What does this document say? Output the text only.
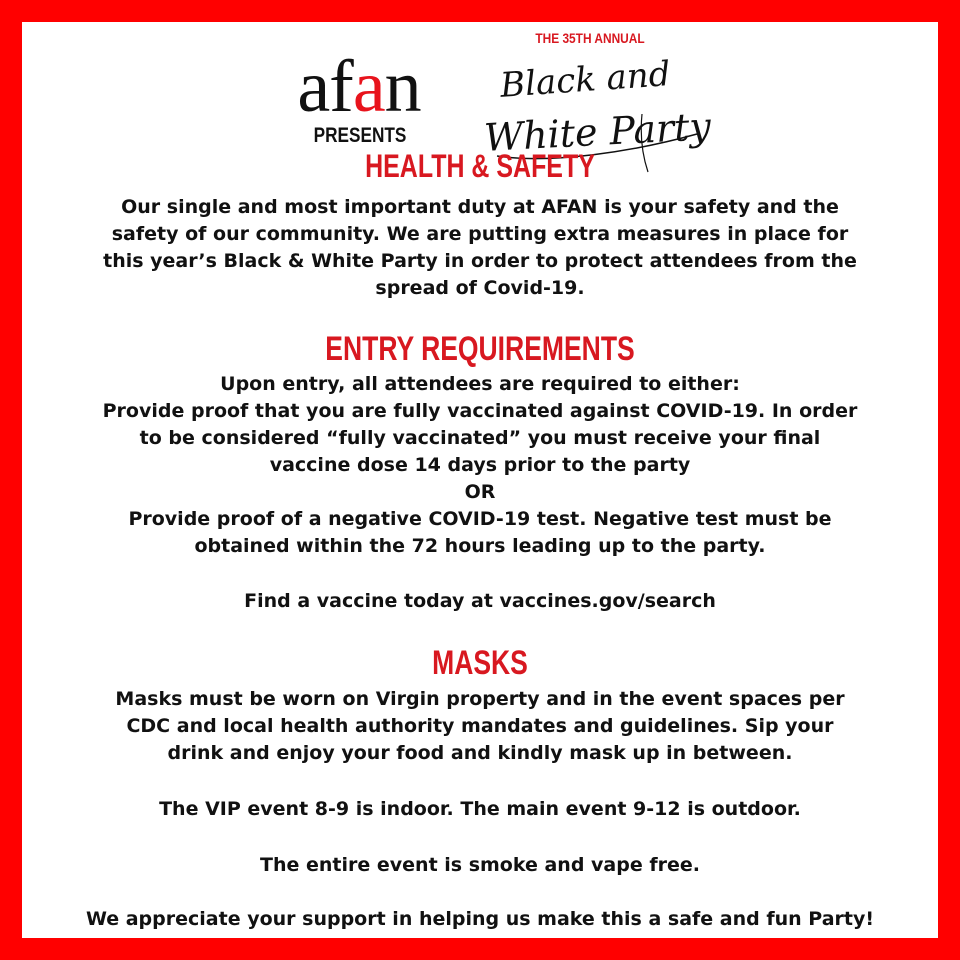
afan
PRESENTS
THE 35TH ANNUAL
Black and
White Party
HEALTH & SAFETY
Our single and most important duty at AFAN is your safety and the
safety of our community. We are putting extra measures in place for
this year’s Black & White Party in order to protect attendees from the
spread of Covid-19.
ENTRY REQUIREMENTS
Upon entry, all attendees are required to either:
Provide proof that you are fully vaccinated against COVID-19. In order
to be considered “fully vaccinated” you must receive your final
vaccine dose 14 days prior to the party
OR
Provide proof of a negative COVID-19 test. Negative test must be
obtained within the 72 hours leading up to the party.
Find a vaccine today at vaccines.gov/search
MASKS
Masks must be worn on Virgin property and in the event spaces per
CDC and local health authority mandates and guidelines. Sip your
drink and enjoy your food and kindly mask up in between.
The VIP event 8-9 is indoor. The main event 9-12 is outdoor.
The entire event is smoke and vape free.
We appreciate your support in helping us make this a safe and fun Party!
